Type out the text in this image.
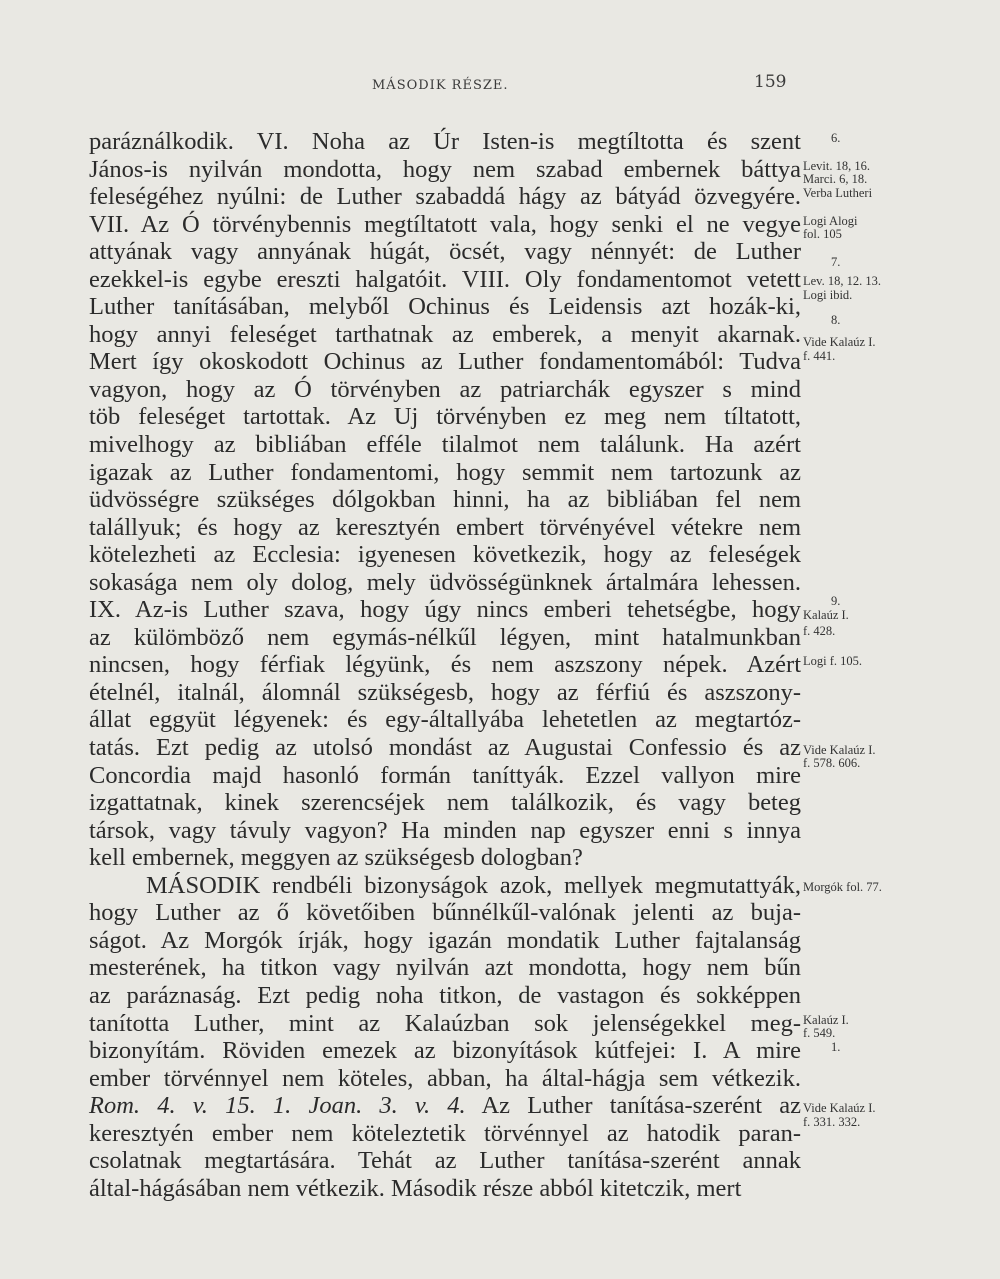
MÁSODIK RÉSZE.	159
paráználkodik. VI. Noha az Úr Isten-is megtíltotta és szent
János-is nyilván mondotta, hogy nem szabad embernek báttya
feleségéhez nyúlni: de Luther szabaddá hágy az bátyád özvegyére.
VII. Az Ó törvénybennis megtíltatott vala, hogy senki el ne vegye
attyának vagy annyának húgát, öcsét, vagy nénnyét: de Luther
ezekkel-is egybe ereszti halgatóit. VIII. Oly fondamentomot vetett
Luther tanításában, melyből Ochinus és Leidensis azt hozák-ki,
hogy annyi feleséget tarthatnak az emberek, a menyit akarnak.
Mert így okoskodott Ochinus az Luther fondamentomából: Tudva
vagyon, hogy az Ó törvényben az patriarchák egyszer s mind
töb feleséget tartottak. Az Uj törvényben ez meg nem tíltatott,
mivelhogy az bibliában efféle tilalmot nem találunk. Ha azért
igazak az Luther fondamentomi, hogy semmit nem tartozunk az
üdvösségre szükséges dólgokban hinni, ha az bibliában fel nem
talállyuk; és hogy az keresztyén embert törvényével vétekre nem
kötelezheti az Ecclesia: igyenesen következik, hogy az feleségek
sokasága nem oly dolog, mely üdvösségünknek ártalmára lehessen.
IX. Az-is Luther szava, hogy úgy nincs emberi tehetségbe, hogy
az külömböző nem egymás-nélkűl légyen, mint hatalmunkban
nincsen, hogy férfiak légyünk, és nem aszszony népek. Azért
ételnél, italnál, álomnál szükségesb, hogy az férfiú és aszszony-
állat eggyüt légyenek: és egy-általlyába lehetetlen az megtartóz-
tatás. Ezt pedig az utolsó mondást az Augustai Confessio és az
Concordia majd hasonló formán taníttyák. Ezzel vallyon mire
izgattatnak, kinek szerencséjek nem találkozik, és vagy beteg
társok, vagy távuly vagyon? Ha minden nap egyszer enni s innya
kell embernek, meggyen az szükségesb dologban?
MÁSODIK rendbéli bizonyságok azok, mellyek megmutattyák,
hogy Luther az ő követőiben bűnnélkűl-valónak jelenti az buja-
ságot. Az Morgók írják, hogy igazán mondatik Luther fajtalanság
mesterének, ha titkon vagy nyilván azt mondotta, hogy nem bűn
az paráznaság. Ezt pedig noha titkon, de vastagon és sokképpen
tanította Luther, mint az Kalaúzban sok jelenségekkel meg-
bizonyítám. Röviden emezek az bizonyítások kútfejei: I. A mire
ember törvénnyel nem köteles, abban, ha által-hágja sem vétkezik.
Rom. 4. v. 15. 1. Joan. 3. v. 4. Az Luther tanítása-szerént az
keresztyén ember nem köteleztetik törvénnyel az hatodik paran-
csolatnak megtartására. Tehát az Luther tanítása-szerént annak
által-hágásában nem vétkezik. Második része abból kitetczik, mert
6.
Levit. 18, 16.
Marci. 6, 18.
Verba Lutheri
Logi Alogi
fol. 105
7.
Lev. 18, 12. 13.
Logi ibid.
8.
Vide Kalaúz I.
f. 441.
9.
Kalaúz I.
f. 428.
Logi f. 105.
Vide Kalaúz I.
f. 578. 606.
Morgók fol. 77.
Kalaúz I.
f. 549.
1.
Vide Kalaúz I.
f. 331. 332.
